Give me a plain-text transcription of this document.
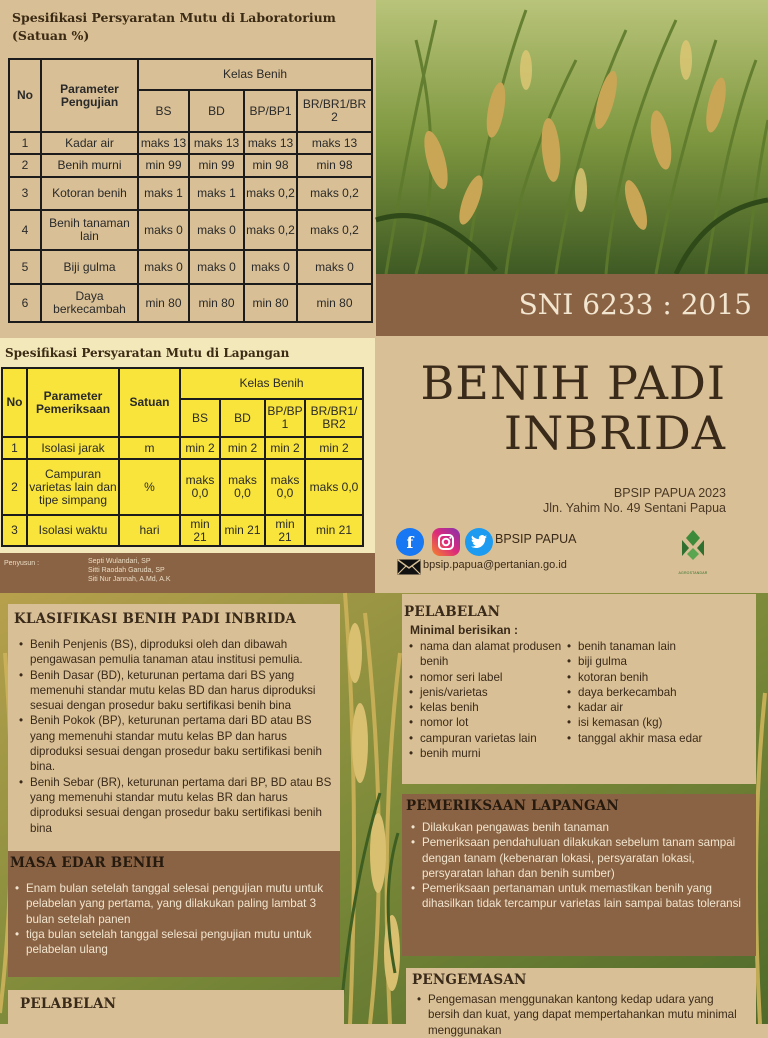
Spesifikasi Persyaratan Mutu di Laboratorium
(Satuan %)
No	Parameter Pengujian	Kelas Benih			
		BS	BD	BP/BP1	BR/BR1/BR 2
1	Kadar air	maks 13	maks 13	maks 13	maks 13
2	Benih murni	min 99	min 99	min 98	min 98
3	Kotoran benih	maks 1	maks 1	maks 0,2	maks 0,2
4	Benih tanaman lain	maks 0	maks 0	maks 0,2	maks 0,2
5	Biji gulma	maks 0	maks 0	maks 0	maks 0
6	Daya berkecambah	min 80	min 80	min 80	min 80
Spesifikasi Persyaratan Mutu di Lapangan
No	Parameter Pemeriksaan	Satuan	Kelas Benih			
			BS	BD	BP/BP 1	BR/BR1/ BR2
1	Isolasi jarak	m	min 2	min 2	min 2	min 2
2	Campuran varietas lain dan tipe simpang	%	maks 0,0	maks 0,0	maks 0,0	maks 0,0
3	Isolasi waktu	hari	min 21	min 21	min 21	min 21
Penyusun :	Septi Wulandari, SP
Sitti Raodah Garuda, SP
Siti Nur Jannah, A.Md, A.K
SNI 6233 : 2015
BENIH PADI
INBRIDA
BPSIP PAPUA 2023
Jln. Yahim No. 49 Sentani Papua
f	BPSIP PAPUA
bpsip.papua@pertanian.go.id
AGROSTANDAR
KLASIFIKASI BENIH PADI INBRIDA
• Benih Penjenis (BS), diproduksi oleh dan dibawah pengawasan pemulia tanaman atau institusi pemulia.
• Benih Dasar (BD), keturunan pertama dari BS yang memenuhi standar mutu kelas BD dan harus diproduksi sesuai dengan prosedur baku sertifikasi benih bina
• Benih Pokok (BP), keturunan pertama dari BD atau BS yang memenuhi standar mutu kelas BP dan harus diproduksi sesuai dengan prosedur baku sertifikasi benih bina.
• Benih Sebar (BR), keturunan pertama dari BP, BD atau BS yang memenuhi standar mutu kelas BR dan harus diproduksi sesuai dengan prosedur baku sertifikasi benih bina
MASA EDAR BENIH
• Enam bulan setelah tanggal selesai pengujian mutu untuk pelabelan yang pertama, yang dilakukan paling lambat 3 bulan setelah panen
• tiga bulan setelah tanggal selesai pengujian mutu untuk pelabelan ulang
PELABELAN
PELABELAN
Minimal berisikan :
• nama dan alamat produsen benih
• nomor seri label
• jenis/varietas
• kelas benih
• nomor lot
• campuran varietas lain
• benih murni
• benih tanaman lain
• biji gulma
• kotoran benih
• daya berkecambah
• kadar air
• isi kemasan (kg)
• tanggal akhir masa edar
PEMERIKSAAN LAPANGAN
• Dilakukan pengawas benih tanaman
• Pemeriksaan pendahuluan dilakukan sebelum tanam sampai dengan tanam (kebenaran lokasi, persyaratan lokasi, persyaratan lahan dan benih sumber)
• Pemeriksaan pertanaman untuk memastikan benih yang dihasilkan tidak tercampur varietas lain sampai batas toleransi
PENGEMASAN
• Pengemasan menggunakan kantong kedap udara yang bersih dan kuat, yang dapat mempertahankan mutu minimal menggunakan
